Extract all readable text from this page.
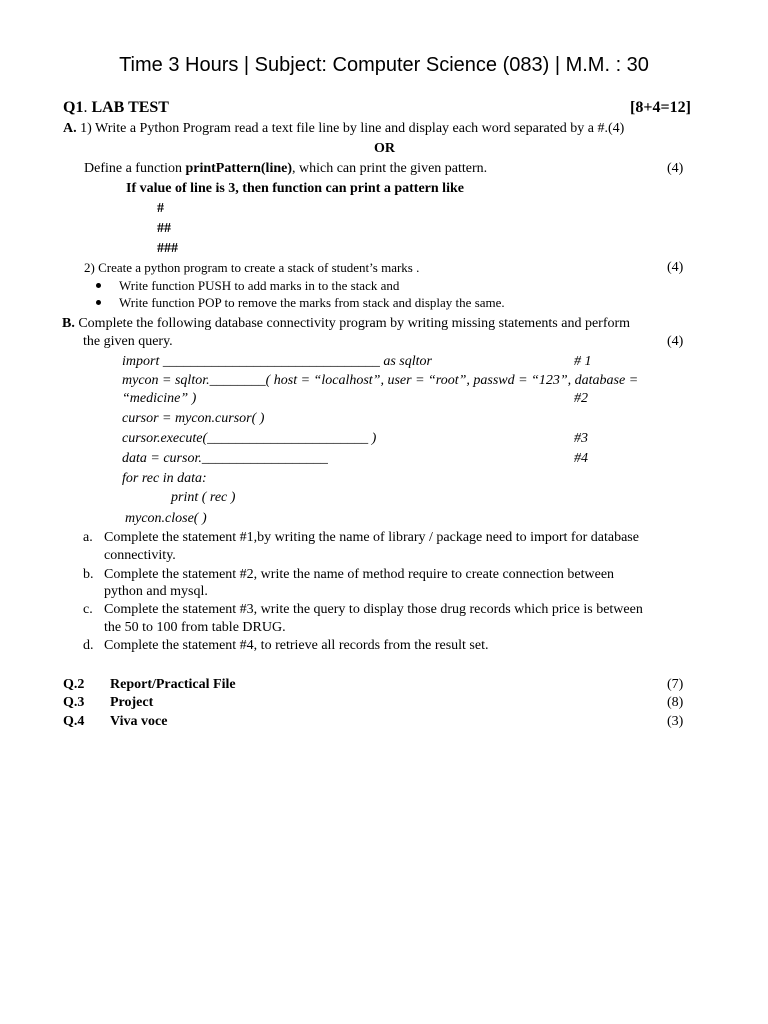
Time 3 Hours | Subject: Computer Science (083) | M.M. : 30
Q1. LAB TEST	[8+4=12]
A. 1) Write a Python Program read a text file line by line and display each word separated by a #.(4)
OR
Define a function printPattern(line), which can print the given pattern.	(4)
If value of line is 3, then function can print a pattern like
#
##
###
2) Create a python program to create a stack of student’s marks .	(4)
Write function PUSH to add marks in to the stack and
Write function POP to remove the marks from stack and display the same.
B. Complete the following database connectivity program by writing missing statements and perform
the given query.	(4)
import _______________________________ as sqltor	# 1
mycon = sqltor.________( host = “localhost”, user = “root”, passwd = “123”, database =
“medicine” )	#2
cursor = mycon.cursor( )
cursor.execute(_______________________ )	#3
data = cursor.__________________	#4
for rec in data:
print ( rec )
mycon.close( )
a. Complete the statement #1,by writing the name of library / package need to import for database
connectivity.
b. Complete the statement #2, write the name of method require to create connection between
python and mysql.
c. Complete the statement #3, write the query to display those drug records which price is between
the 50 to 100 from table DRUG.
d. Complete the statement #4, to retrieve all records from the result set.
Q.2 Report/Practical File	(7)
Q.3 Project	(8)
Q.4 Viva voce	(3)
